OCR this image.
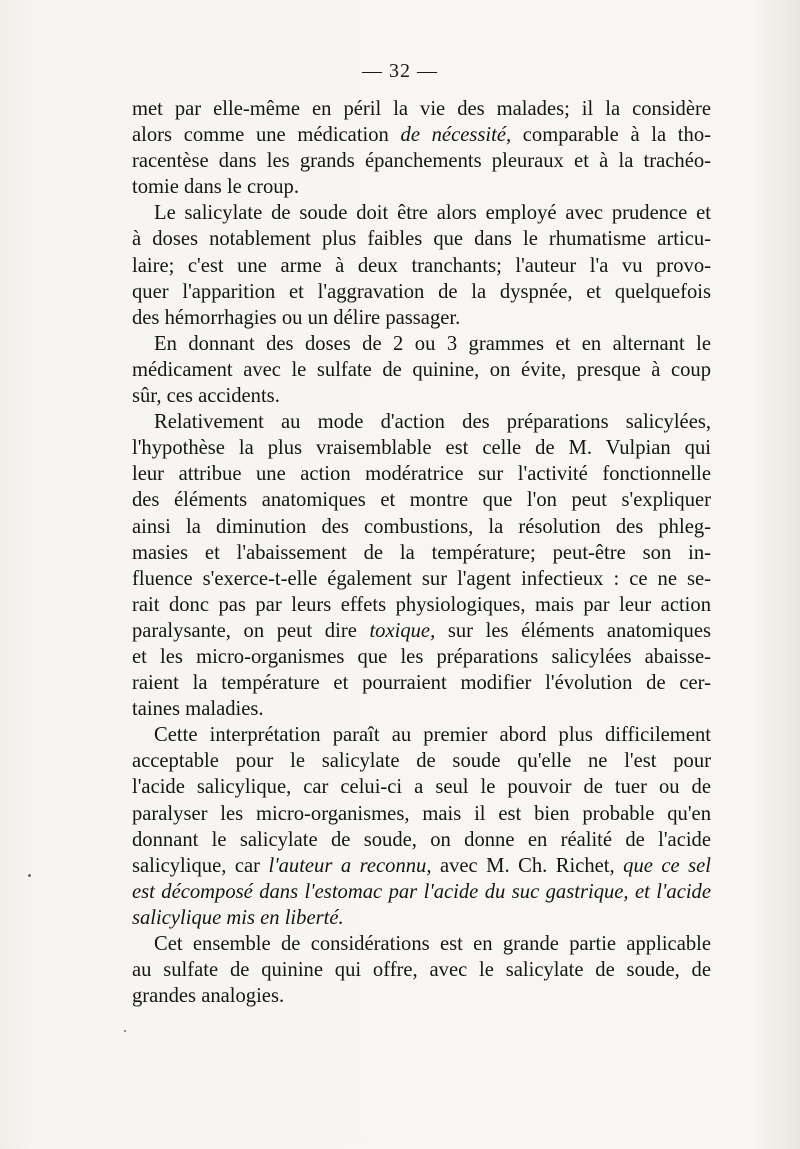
— 32 —
met par elle-même en péril la vie des malades; il la considère
alors comme une médication de nécessité, comparable à la tho-
racentèse dans les grands épanchements pleuraux et à la trachéo-
tomie dans le croup.
Le salicylate de soude doit être alors employé avec prudence et
à doses notablement plus faibles que dans le rhumatisme articu-
laire; c'est une arme à deux tranchants; l'auteur l'a vu provo-
quer l'apparition et l'aggravation de la dyspnée, et quelquefois
des hémorrhagies ou un délire passager.
En donnant des doses de 2 ou 3 grammes et en alternant le
médicament avec le sulfate de quinine, on évite, presque à coup
sûr, ces accidents.
Relativement au mode d'action des préparations salicylées,
l'hypothèse la plus vraisemblable est celle de M. Vulpian qui
leur attribue une action modératrice sur l'activité fonctionnelle
des éléments anatomiques et montre que l'on peut s'expliquer
ainsi la diminution des combustions, la résolution des phleg-
masies et l'abaissement de la température; peut-être son in-
fluence s'exerce-t-elle également sur l'agent infectieux : ce ne se-
rait donc pas par leurs effets physiologiques, mais par leur action
paralysante, on peut dire toxique, sur les éléments anatomiques
et les micro-organismes que les préparations salicylées abaisse-
raient la température et pourraient modifier l'évolution de cer-
taines maladies.
Cette interprétation paraît au premier abord plus difficilement
acceptable pour le salicylate de soude qu'elle ne l'est pour
l'acide salicylique, car celui-ci a seul le pouvoir de tuer ou de
paralyser les micro-organismes, mais il est bien probable qu'en
donnant le salicylate de soude, on donne en réalité de l'acide
salicylique, car l'auteur a reconnu, avec M. Ch. Richet, que ce sel
est décomposé dans l'estomac par l'acide du suc gastrique, et l'acide
salicylique mis en liberté.
Cet ensemble de considérations est en grande partie applicable
au sulfate de quinine qui offre, avec le salicylate de soude, de
grandes analogies.
